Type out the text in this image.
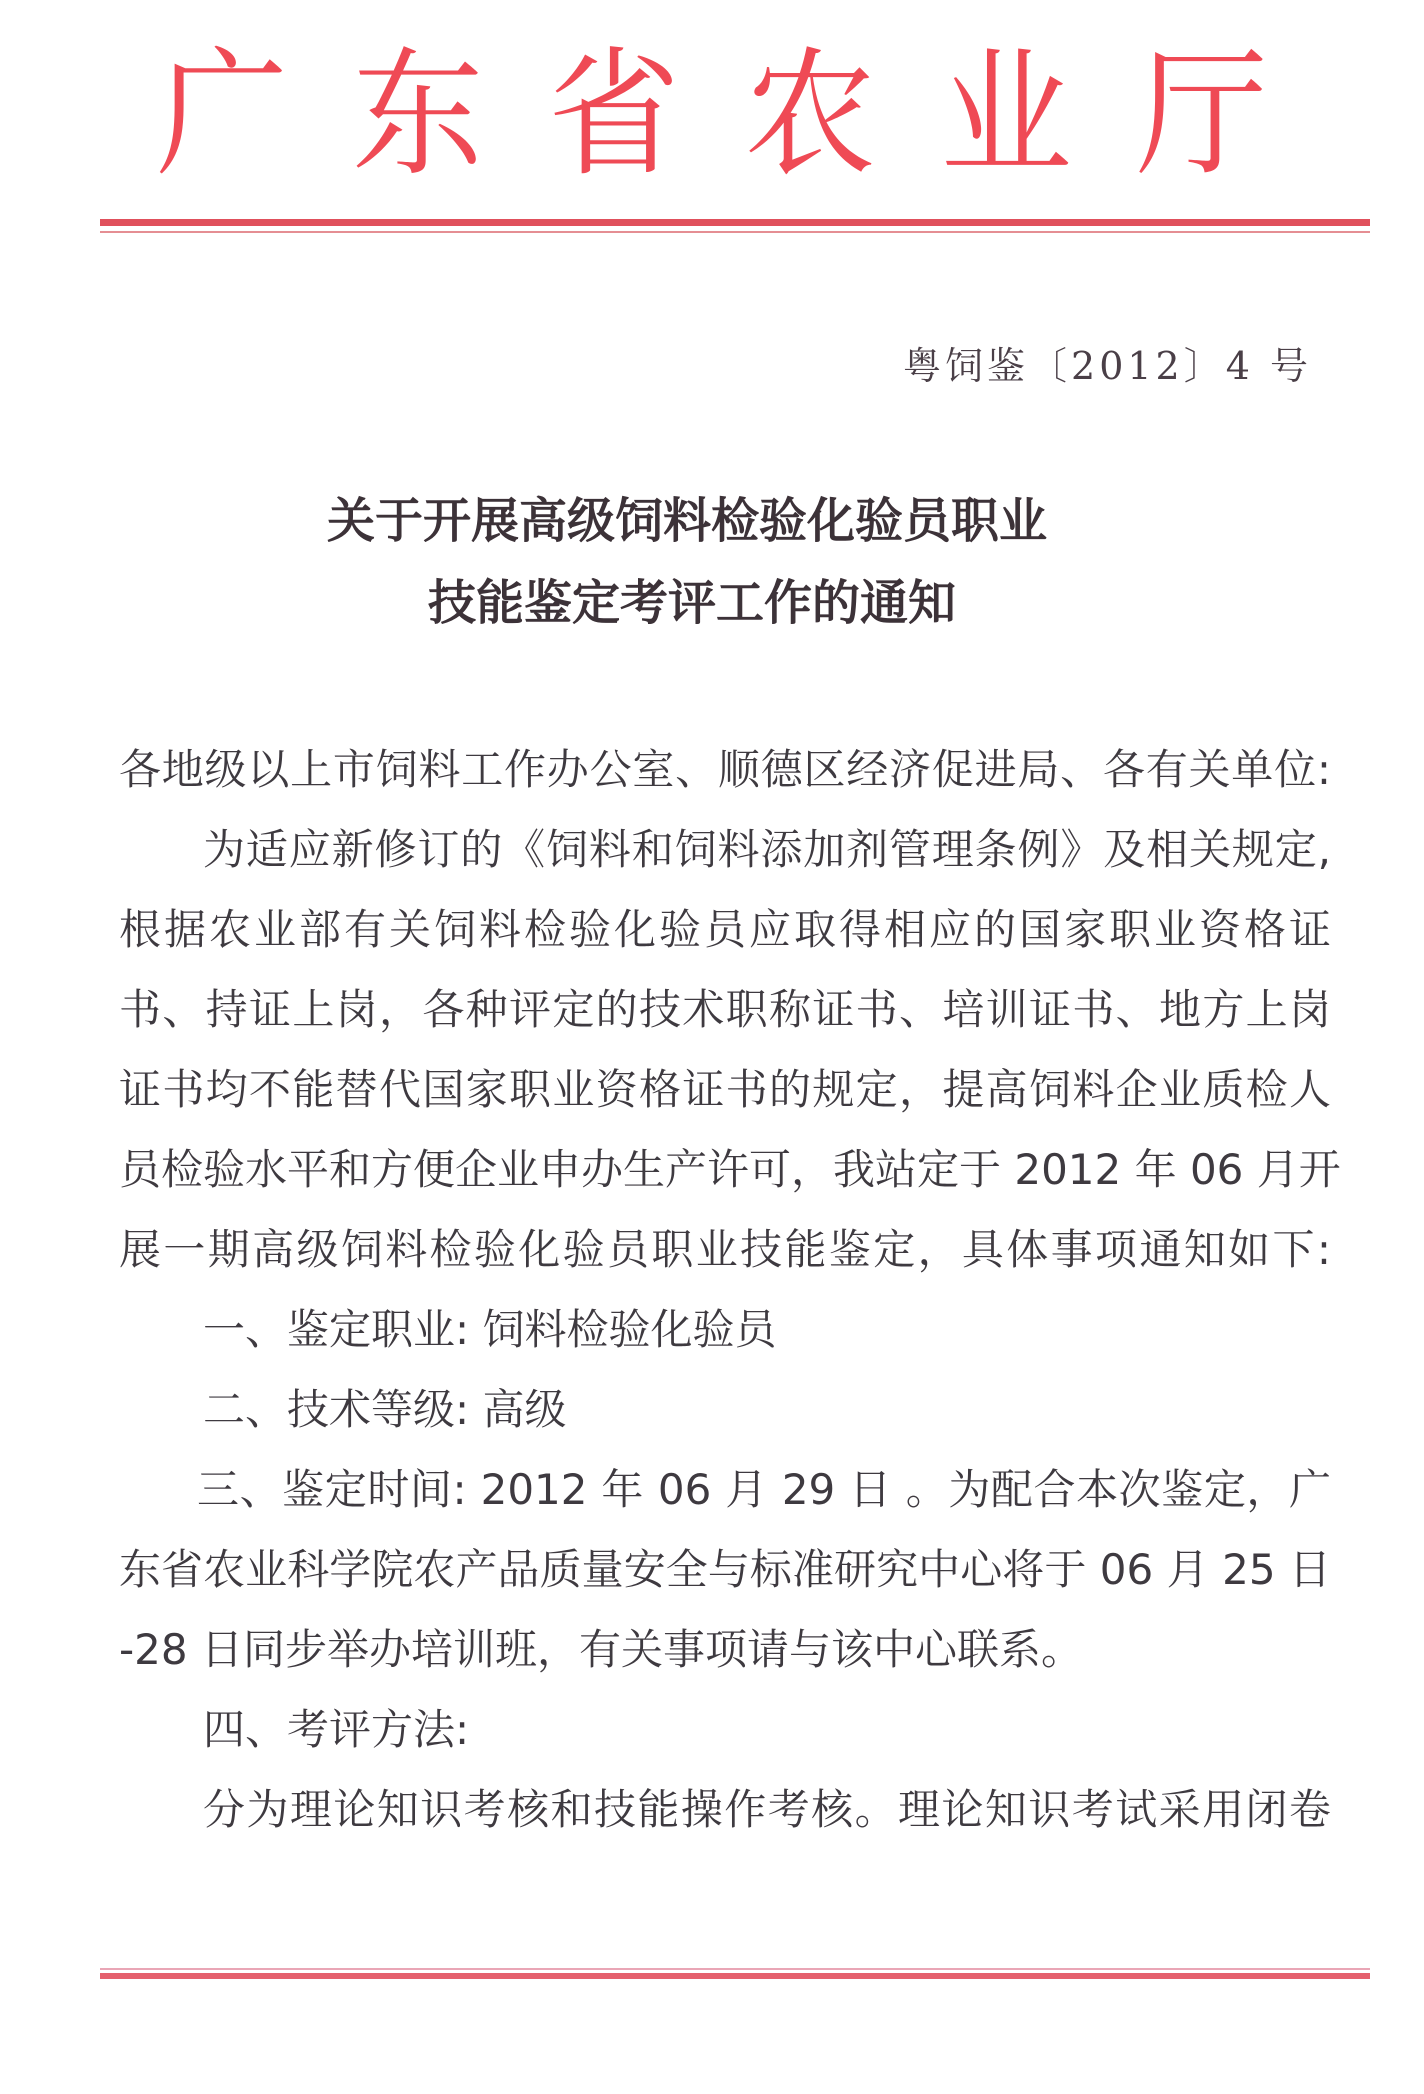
广东省农业厅
粤饲鉴〔2012〕4 号
关于开展高级饲料检验化验员职业
技能鉴定考评工作的通知

各地级以上市饲料工作办公室、顺德区经济促进局、各有关单位:

为适应新修订的《饲料和饲料添加剂管理条例》及相关规定,

根据农业部有关饲料检验化验员应取得相应的国家职业资格证

书、持证上岗，各种评定的技术职称证书、培训证书、地方上岗

证书均不能替代国家职业资格证书的规定，提高饲料企业质检人

员检验水平和方便企业申办生产许可，我站定于 2012 年 06 月开

展一期高级饲料检验化验员职业技能鉴定，具体事项通知如下:

一、鉴定职业: 饲料检验化验员

二、技术等级: 高级

三、鉴定时间: 2012 年 06 月 29 日 。为配合本次鉴定，广

东省农业科学院农产品质量安全与标准研究中心将于 06 月 25 日

-28 日同步举办培训班，有关事项请与该中心联系。

四、考评方法:

分为理论知识考核和技能操作考核。理论知识考试采用闭卷
